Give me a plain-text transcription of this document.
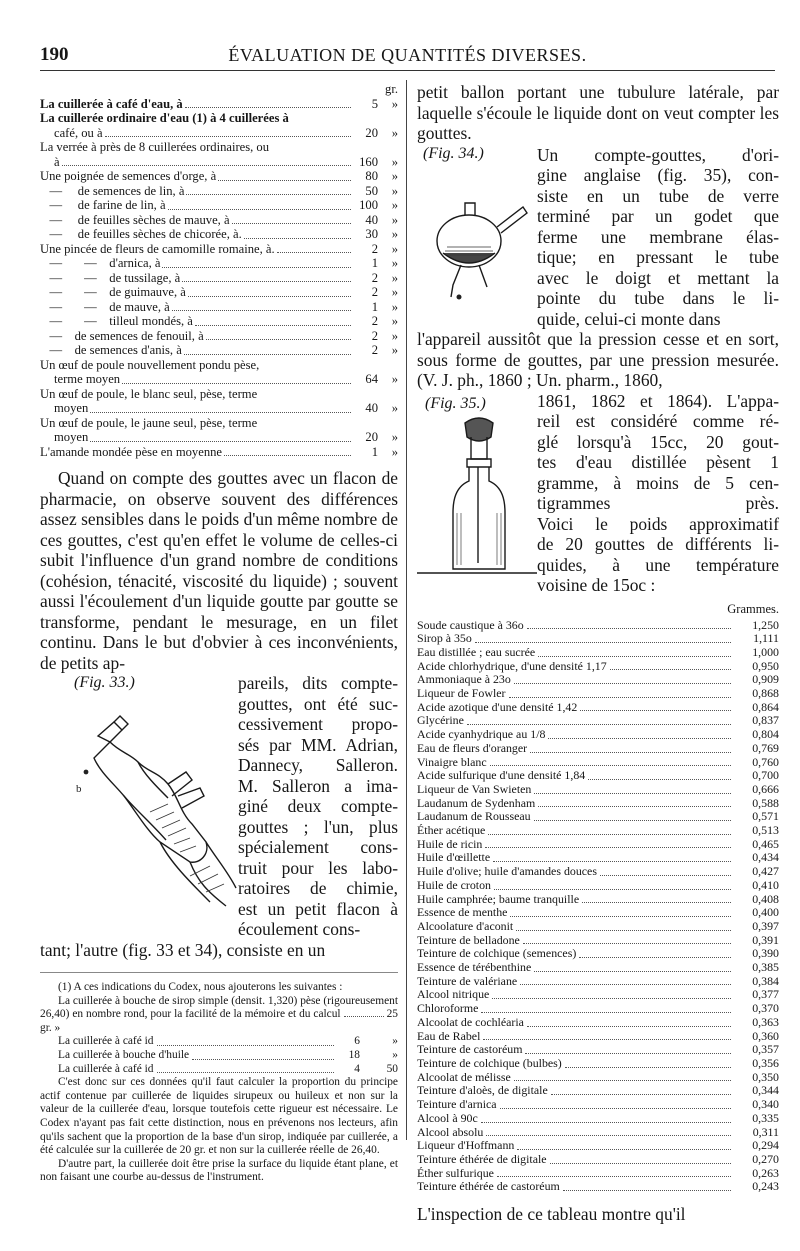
190	ÉVALUATION DE QUANTITÉS DIVERSES.
La cuillerée à café d'eau, à	5
gr. »
La cuillerée ordinaire d'eau (1) à 4 cuillerées à
café, ou à	20	»
La verrée à près de 8 cuillerées ordinaires, ou
à	160	»
Une poignée de semences d'orge, à	80	»
—     de semences de lin, à	50	»
—     de farine de lin, à	100	»
—     de feuilles sèches de mauve, à	40	»
—     de feuilles sèches de chicorée, à.	30	»
Une pincée de fleurs de camomille romaine, à.	2	»
—       —    d'arnica, à	1	»
—       —    de tussilage, à	2	»
—       —    de guimauve, à	2	»
—       —    de mauve, à	1	»
—       —    tilleul mondés, à	2	»
—    de semences de fenouil, à	2	»
—    de semences d'anis, à	2	»
Un œuf de poule nouvellement pondu pèse,
terme moyen	64	»
Un œuf de poule, le blanc seul, pèse, terme
moyen	40	»
Un œuf de poule, le jaune seul, pèse, terme
moyen	20	»
L'amande mondée pèse en moyenne	1	»
Quand on compte des gouttes avec un flacon de pharmacie, on observe souvent des différences assez sensibles dans le poids d'un même nombre de ces gouttes, c'est qu'en effet le volume de celles-ci subit l'influence d'un grand nombre de conditions (cohésion, ténacité, viscosité du liquide) ; souvent aussi l'écoulement d'un liquide goutte par goutte se transforme, pendant le mesurage, en un filet continu. Dans le but d'obvier à ces inconvénients, de petits ap-
(Fig. 33.)
b
pareils, dits compte-
gouttes, ont été suc-
cessivement propo-
sés par MM. Adrian,
Dannecy, Salleron.
M. Salleron a ima-
giné deux compte-
gouttes ; l'un, plus
spécialement cons-
truit pour les labo-
ratoires de chimie,
est un petit flacon à
écoulement cons-
tant; l'autre (fig. 33 et 34), consiste en un

(1) A ces indications du Codex, nous ajouterons les suivantes :

La cuillerée à bouche de sirop simple (densit. 1,320) pèse (rigoureusement 26,40) en nombre rond, pour la facilité de la mémoire et du calcul	25 gr. »
La cuillerée à café id	6	»
La cuillerée à bouche d'huile	18	»
La cuillerée à café id	4	50

C'est donc sur ces données qu'il faut calculer la proportion du principe actif contenue par cuillerée de liquides sirupeux ou huileux et non sur la valeur de la cuillerée d'eau, lorsque toutefois cette rigueur est nécessaire. Le Codex n'ayant pas fait cette distinction, nous en prévenons nos lecteurs, afin qu'ils sachent que la proportion de la base d'un sirop, indiquée par cuillerée, a été calculée sur la cuillerée de 20 gr. et non sur la cuillerée réelle de 26,40.

D'autre part, la cuillerée doit être prise la surface du liquide étant plane, et non faisant une courbe au-dessus de l'instrument.

petit ballon portant une tubulure latérale, par laquelle s'écoule le liquide dont on veut compter les gouttes.
(Fig. 34.)	Un compte-gouttes, d'ori-
gine anglaise (fig. 35), con-
siste en un tube de verre
terminé par un godet que
ferme une membrane élas-
tique; en pressant le tube
avec le doigt et mettant la
pointe du tube dans le li-
quide, celui-ci monte dans
l'appareil aussitôt que la pression cesse et en sort, sous forme de gouttes, par une pression mesurée. (V. J. ph., 1860 ; Un. pharm., 1860,
(Fig. 35.)	1861, 1862 et 1864). L'appa-
reil est considéré comme ré-
glé lorsqu'à 15cc, 20 gout-
tes d'eau distillée pèsent 1
gramme, à moins de 5 cen-
tigrammes près.
Voici le poids approximatif
de 20 gouttes de différents li-
quides, à une température
voisine de 15oc :
Grammes.
Soude caustique à 36o	1,250
Sirop à 35o	1,111
Eau distillée ; eau sucrée	1,000
Acide chlorhydrique, d'une densité 1,17	0,950
Ammoniaque à 23o	0,909
Liqueur de Fowler	0,868
Acide azotique d'une densité 1,42	0,864
Glycérine	0,837
Acide cyanhydrique au 1/8	0,804
Eau de fleurs d'oranger	0,769
Vinaigre blanc	0,760
Acide sulfurique d'une densité 1,84	0,700
Liqueur de Van Swieten	0,666
Laudanum de Sydenham	0,588
Laudanum de Rousseau	0,571
Éther acétique	0,513
Huile de ricin	0,465
Huile d'œillette	0,434
Huile d'olive; huile d'amandes douces	0,427
Huile de croton	0,410
Huile camphrée; baume tranquille	0,408
Essence de menthe	0,400
Alcoolature d'aconit	0,397
Teinture de belladone	0,391
Teinture de colchique (semences)	0,390
Essence de térébenthine	0,385
Teinture de valériane	0,384
Alcool nitrique	0,377
Chloroforme	0,370
Alcoolat de cochléaria	0,363
Eau de Rabel	0,360
Teinture de castoréum	0,357
Teinture de colchique (bulbes)	0,356
Alcoolat de mélisse	0,350
Teinture d'aloès, de digitale	0,344
Teinture d'arnica	0,340
Alcool à 90c	0,335
Alcool absolu	0,311
Liqueur d'Hoffmann	0,294
Teinture éthérée de digitale	0,270
Éther sulfurique	0,263
Teinture éthérée de castoréum	0,243
L'inspection de ce tableau montre qu'il
